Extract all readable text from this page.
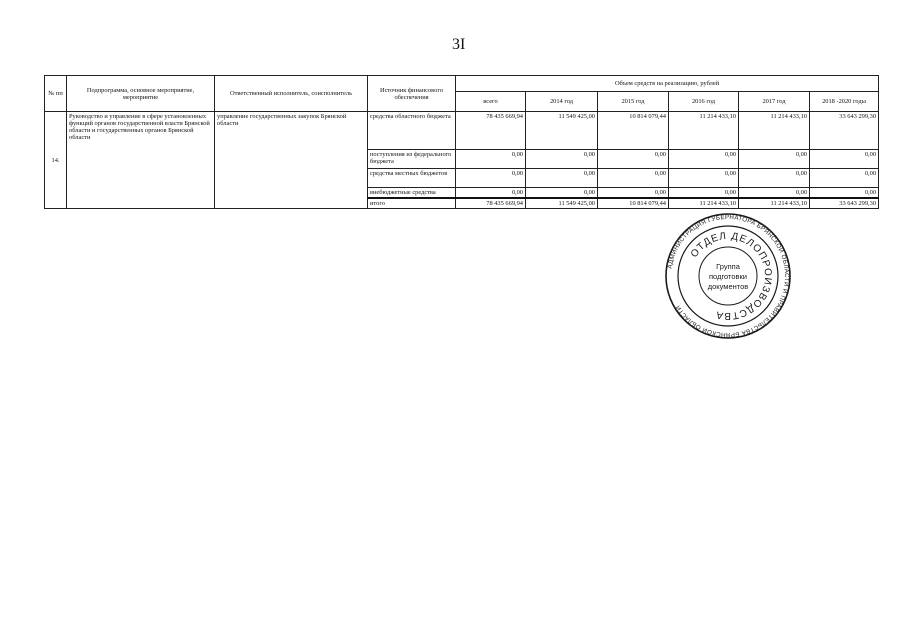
3I
№ пп	Подпрограмма, основное мероприятие, мероприятие	Ответственный исполнитель, соисполнитель	Источник финансового обеспечения	Объем средств на реализацию, рублей					
				всего	2014 год	2015 год	2016 год	2017 год	2018 -2020 годы
14.	Руководство и управление в сфере установленных функций органов государственной власти Брянской области и государственных органов Брянской области	управление государственных закупок Брянской области	средства областного бюджета	78 435 669,94	11 549 425,00	10 814 079,44	11 214 433,10	11 214 433,10	33 643 299,30
			поступления из федерального бюджета	0,00	0,00	0,00	0,00	0,00	0,00
			средства местных бюджетов	0,00	0,00	0,00	0,00	0,00	0,00
			внебюджетные средства	0,00	0,00	0,00	0,00	0,00	0,00
			итого	78 435 669,94	11 549 425,00	10 814 079,44	11 214 433,10	11 214 433,10	33 643 299,30
АДМИНИСТРАЦИЯ ГУБЕРНАТОРА БРЯНСКОЙ ОБЛАСТИ И ПРАВИТЕЛЬСТВА БРЯНСКОЙ ОБЛАСТИ
ОТДЕЛ ДЕЛОПРОИЗВОДСТВА
Группа
подготовки
документов
